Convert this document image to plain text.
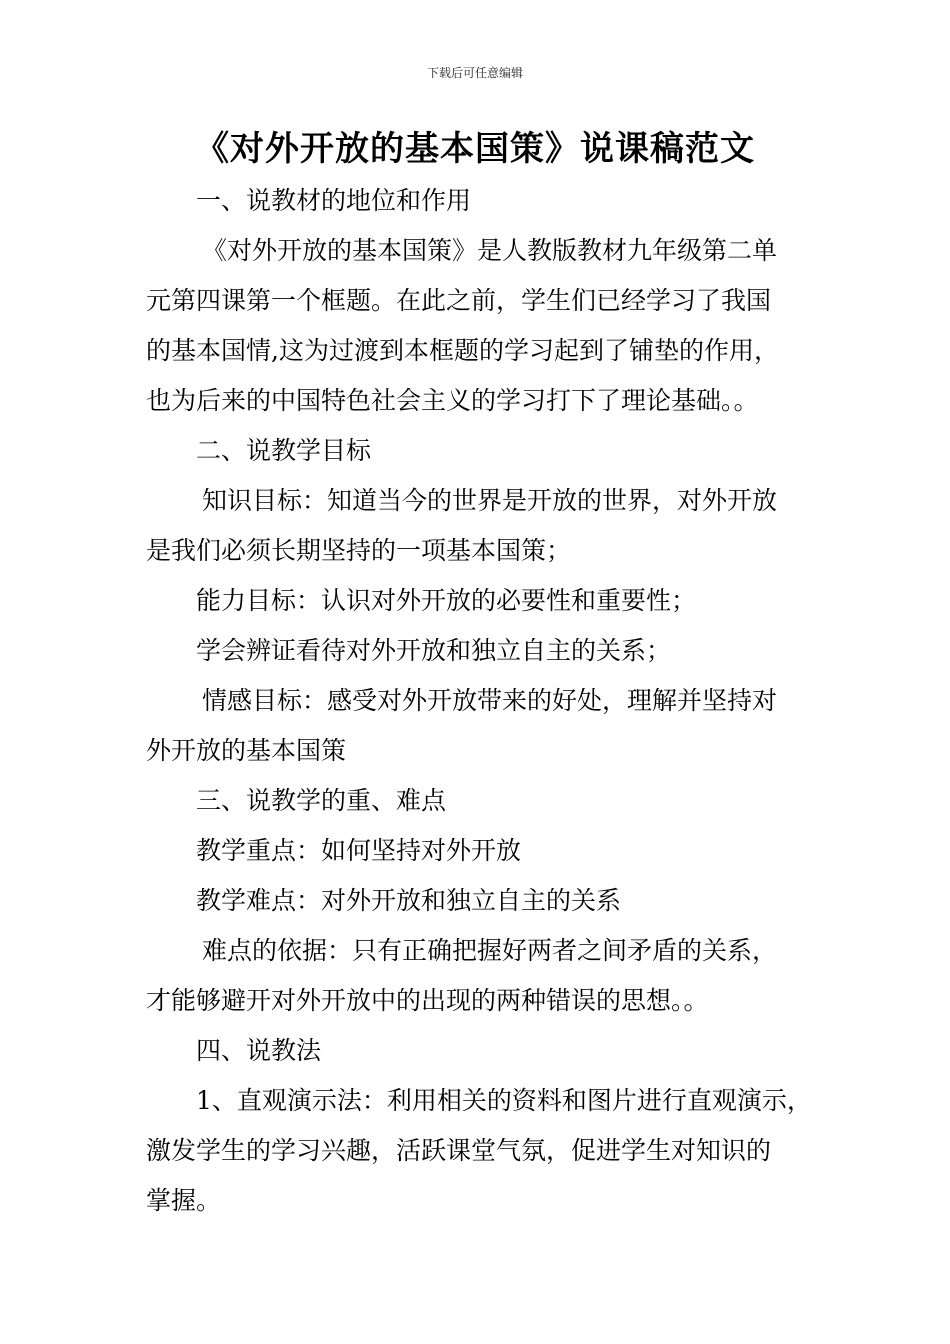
下载后可任意编辑
《对外开放的基本国策》说课稿范文
一、说教材的地位和作用
《对外开放的基本国策》是人教版教材九年级第二单
元第四课第一个框题。在此之前，学生们已经学习了我国
的基本国情,这为过渡到本框题的学习起到了铺垫的作用，
也为后来的中国特色社会主义的学习打下了理论基础。。
二、说教学目标
知识目标：知道当今的世界是开放的世界，对外开放
是我们必须长期坚持的一项基本国策；
能力目标：认识对外开放的必要性和重要性；
学会辨证看待对外开放和独立自主的关系；
情感目标：感受对外开放带来的好处，理解并坚持对
外开放的基本国策
三、说教学的重、难点
教学重点：如何坚持对外开放
教学难点：对外开放和独立自主的关系
难点的依据：只有正确把握好两者之间矛盾的关系，
才能够避开对外开放中的出现的两种错误的思想。。
四、说教法
1、直观演示法：利用相关的资料和图片进行直观演示，
激发学生的学习兴趣，活跃课堂气氛，促进学生对知识的
掌握。
